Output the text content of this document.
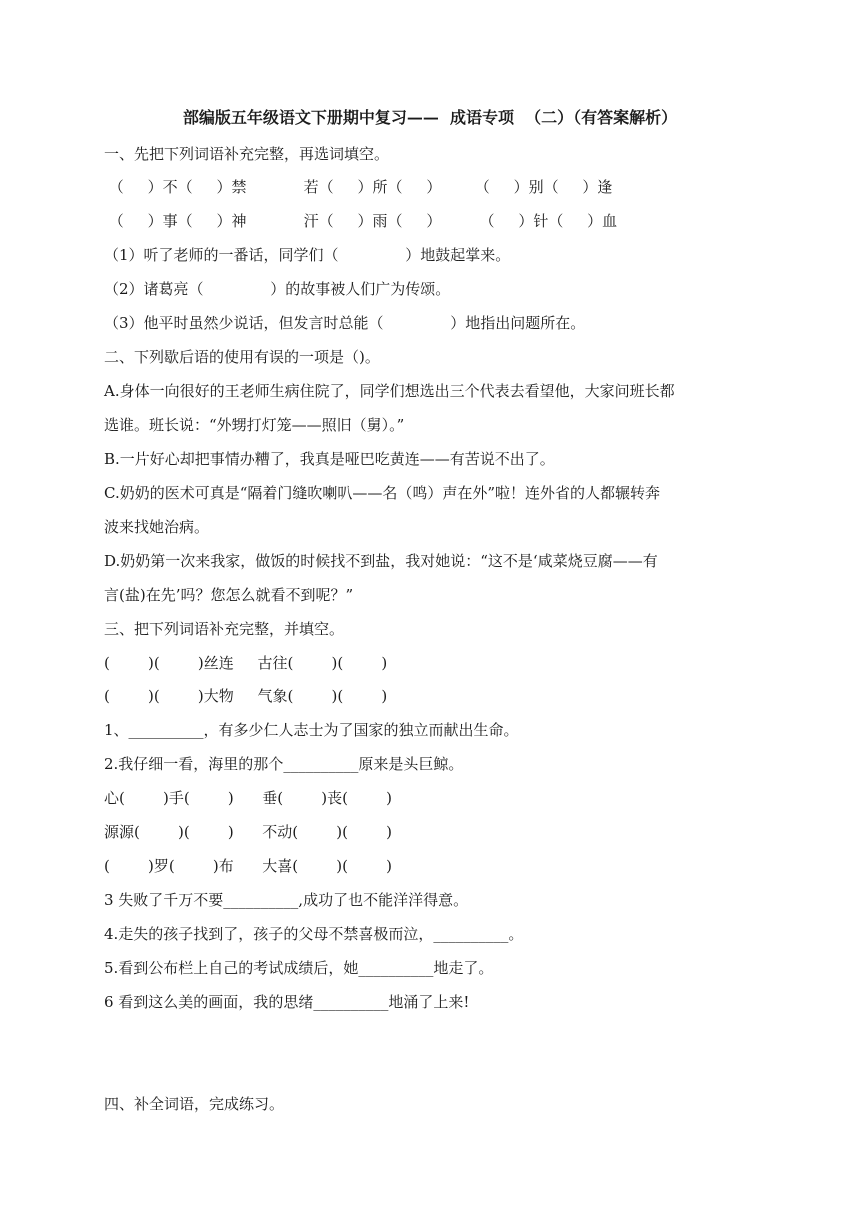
部编版五年级语文下册期中复习——  成语专项  （二）（有答案解析）
一、先把下列词语补充完整，再选词填空。
（     ）不（     ）禁            若（     ）所（     ）       （     ）别（     ）逢
（     ）事（     ）神            汗（     ）雨（     ）        （     ）针（     ）血
（1）听了老师的一番话，同学们（              ）地鼓起掌来。
（2）诸葛亮（              ）的故事被人们广为传颂。
（3）他平时虽然少说话，但发言时总能（              ）地指出问题所在。
二、下列歇后语的使用有误的一项是（)。
A.身体一向很好的王老师生病住院了，同学们想选出三个代表去看望他，大家问班长都
选谁。班长说：“外甥打灯笼——照旧（舅）。”
B.一片好心却把事情办糟了，我真是哑巴吃黄连——有苦说不出了。
C.奶奶的医术可真是“隔着门缝吹喇叭——名（鸣）声在外”啦！连外省的人都辗转奔
波来找她治病。
D.奶奶第一次来我家，做饭的时候找不到盐，我对她说：“这不是‘咸菜烧豆腐——有
言(盐)在先’吗？您怎么就看不到呢？”
三、把下列词语补充完整，并填空。
(        )(        )丝连     古往(        )(        )
(        )(        )大物     气象(        )(        )
1、__________，有多少仁人志士为了国家的独立而献出生命。
2.我仔细一看，海里的那个__________原来是头巨鲸。
心(        )手(        )      垂(        )丧(        )
源源(        )(        )      不动(        )(        )
(        )罗(        )布      大喜(        )(        )
3 失败了千万不要__________,成功了也不能洋洋得意。
4.走失的孩子找到了，孩子的父母不禁喜极而泣，__________。
5.看到公布栏上自己的考试成绩后，她__________地走了。
6 看到这么美的画面，我的思绪__________地涌了上来!
四、补全词语，完成练习。
